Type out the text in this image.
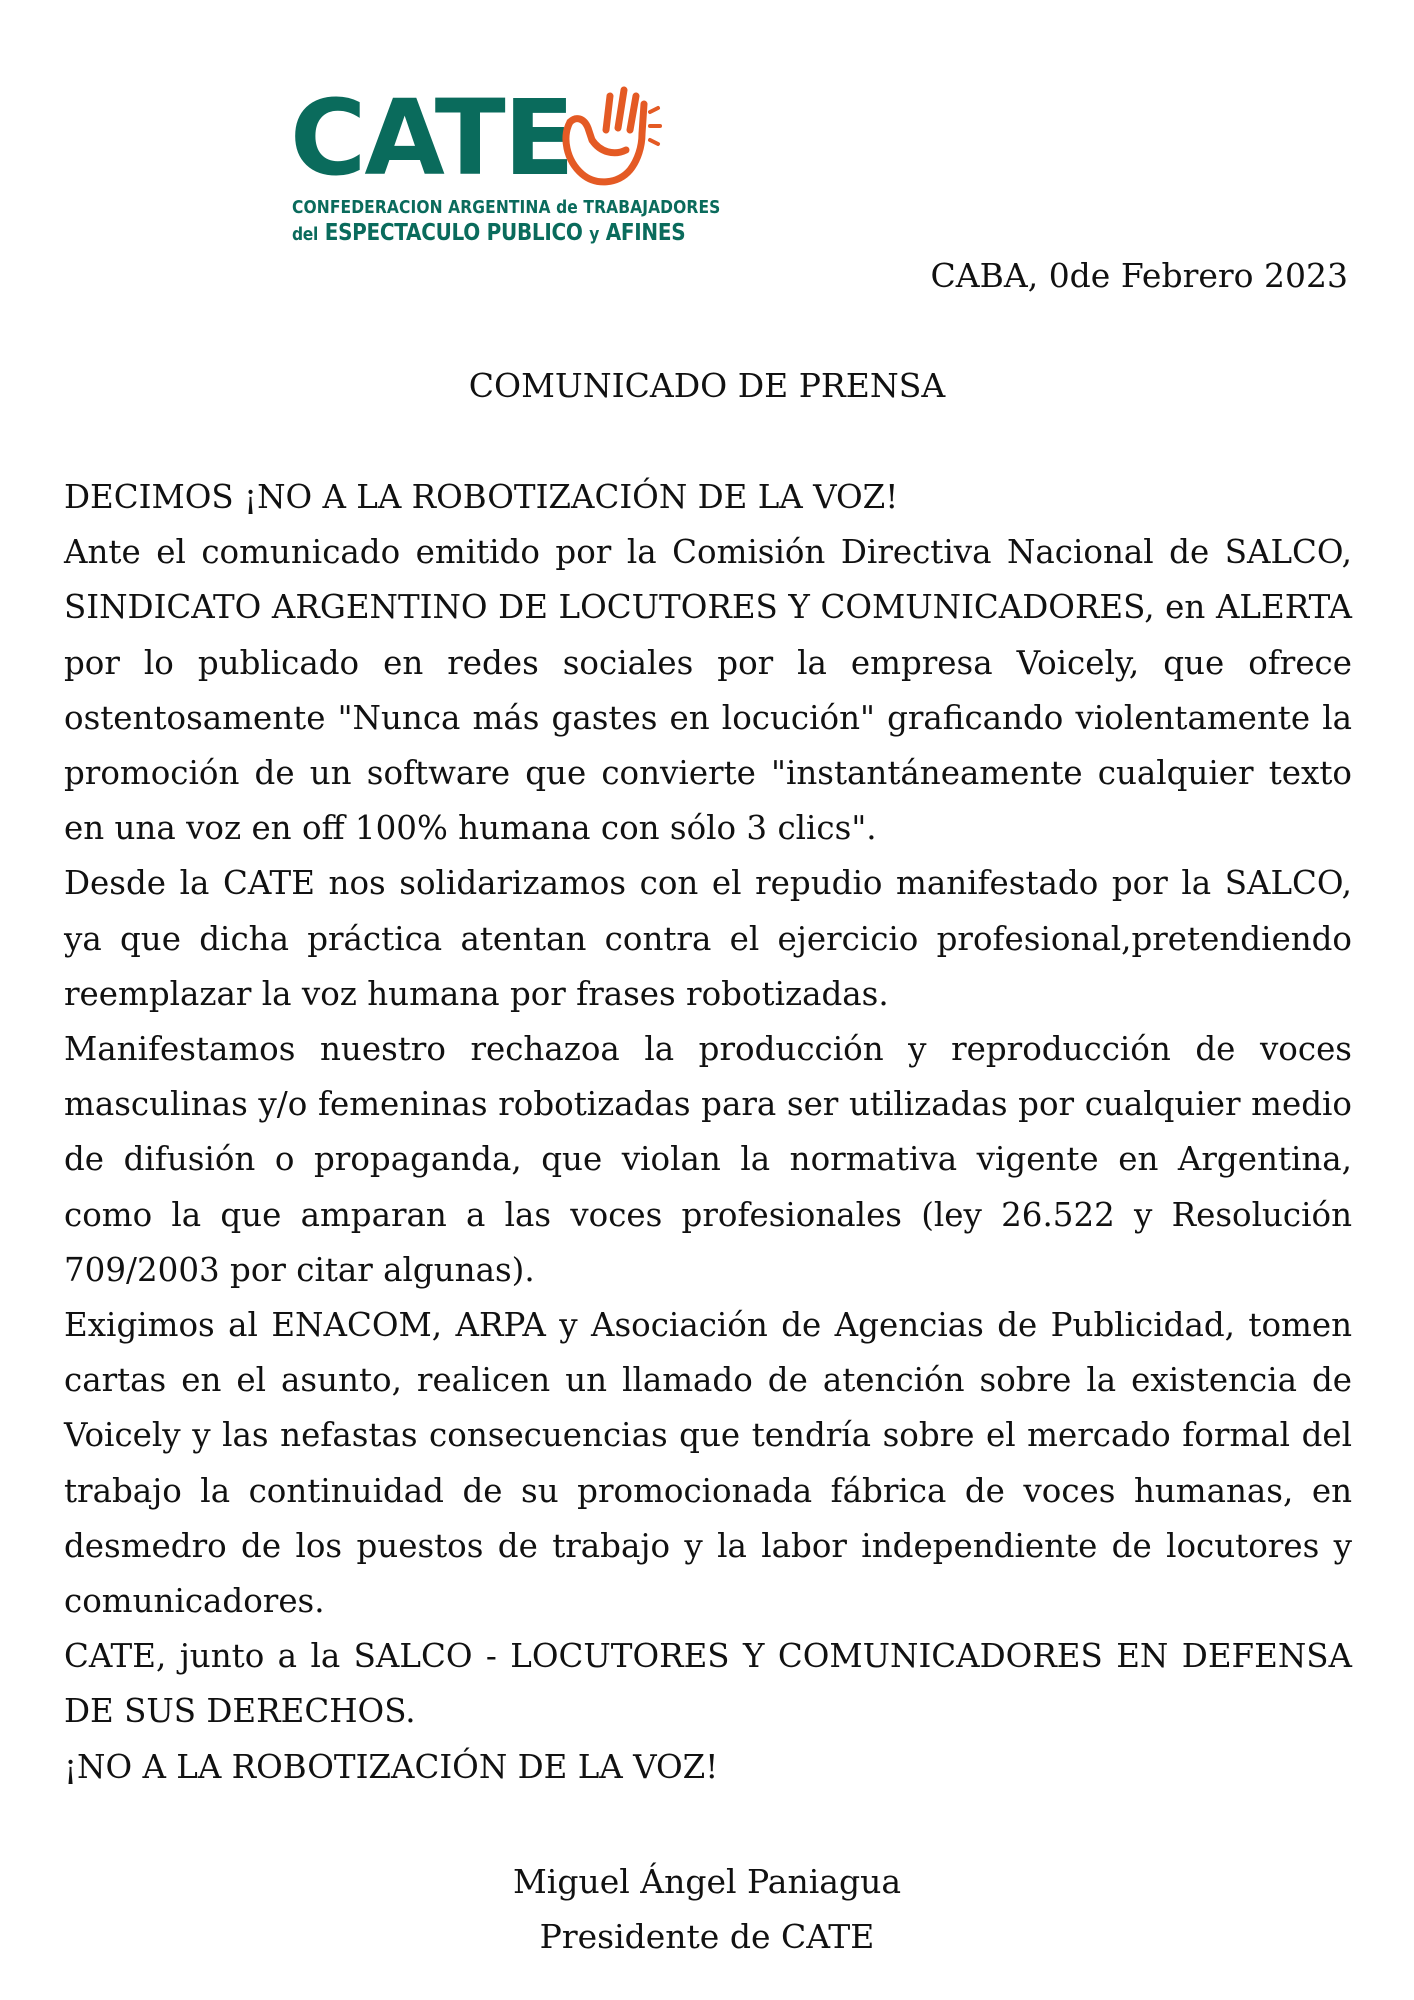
CATE
CONFEDERACION ARGENTINA de TRABAJADORES
del ESPECTACULO PUBLICO y AFINES
CABA, 0de Febrero 2023
COMUNICADO DE PRENSA

DECIMOS ¡NO A LA ROBOTIZACIÓN DE LA VOZ!

Ante el comunicado emitido por la Comisión Directiva Nacional de SALCO, SINDICATO ARGENTINO DE LOCUTORES Y COMUNICADORES, en ALERTA por lo publicado en redes sociales por la empresa Voicely, que ofrece ostentosamente "Nunca más gastes en locución" graficando violentamente la promoción de un software que convierte "instantáneamente cualquier texto en una voz en off 100% humana con sólo 3 clics".

Desde la CATE nos solidarizamos con el repudio manifestado por la SALCO, ya que dicha práctica atentan contra el ejercicio profesional,pretendiendo reemplazar la voz humana por frases robotizadas.

Manifestamos nuestro rechazoa la producción y reproducción de voces masculinas y/o femeninas robotizadas para ser utilizadas por cualquier medio de difusión o propaganda, que violan la normativa vigente en Argentina, como la que amparan a las voces profesionales (ley 26.522 y Resolución 709/2003 por citar algunas).

Exigimos al ENACOM, ARPA y Asociación de Agencias de Publicidad, tomen cartas en el asunto, realicen un llamado de atención sobre la existencia de Voicely y las nefastas consecuencias que tendría sobre el mercado formal del trabajo la continuidad de su promocionada fábrica de voces humanas, en desmedro de los puestos de trabajo y la labor independiente de locutores y comunicadores.

CATE, junto a la SALCO - LOCUTORES Y COMUNICADORES EN DEFENSA DE SUS DERECHOS.

¡NO A LA ROBOTIZACIÓN DE LA VOZ!

Miguel Ángel Paniagua
Presidente de CATE
